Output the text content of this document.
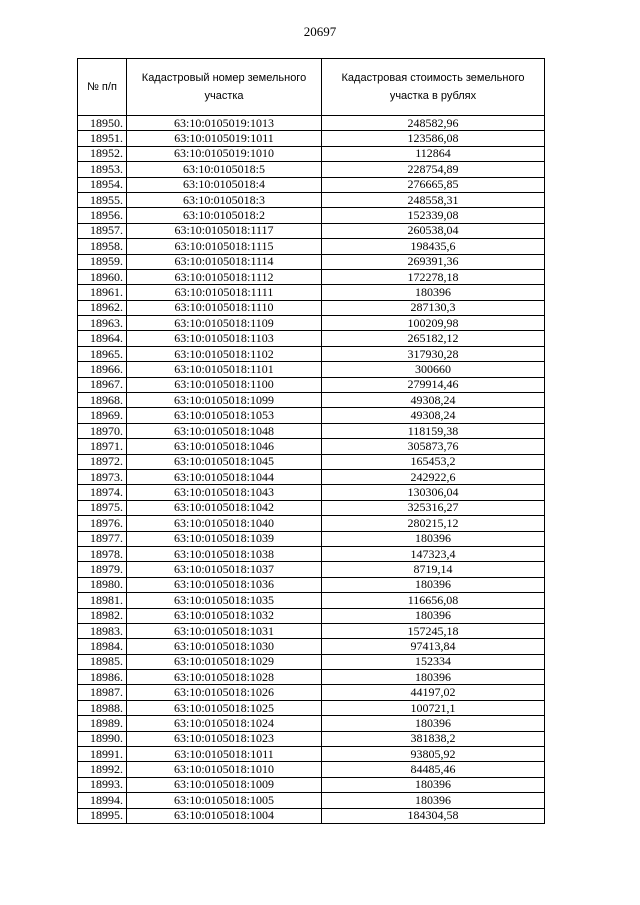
20697
№ п/п	Кадастровый номер земельного участка	Кадастровая стоимость земельного участка в рублях
18950.	63:10:0105019:1013	248582,96
18951.	63:10:0105019:1011	123586,08
18952.	63:10:0105019:1010	112864
18953.	63:10:0105018:5	228754,89
18954.	63:10:0105018:4	276665,85
18955.	63:10:0105018:3	248558,31
18956.	63:10:0105018:2	152339,08
18957.	63:10:0105018:1117	260538,04
18958.	63:10:0105018:1115	198435,6
18959.	63:10:0105018:1114	269391,36
18960.	63:10:0105018:1112	172278,18
18961.	63:10:0105018:1111	180396
18962.	63:10:0105018:1110	287130,3
18963.	63:10:0105018:1109	100209,98
18964.	63:10:0105018:1103	265182,12
18965.	63:10:0105018:1102	317930,28
18966.	63:10:0105018:1101	300660
18967.	63:10:0105018:1100	279914,46
18968.	63:10:0105018:1099	49308,24
18969.	63:10:0105018:1053	49308,24
18970.	63:10:0105018:1048	118159,38
18971.	63:10:0105018:1046	305873,76
18972.	63:10:0105018:1045	165453,2
18973.	63:10:0105018:1044	242922,6
18974.	63:10:0105018:1043	130306,04
18975.	63:10:0105018:1042	325316,27
18976.	63:10:0105018:1040	280215,12
18977.	63:10:0105018:1039	180396
18978.	63:10:0105018:1038	147323,4
18979.	63:10:0105018:1037	8719,14
18980.	63:10:0105018:1036	180396
18981.	63:10:0105018:1035	116656,08
18982.	63:10:0105018:1032	180396
18983.	63:10:0105018:1031	157245,18
18984.	63:10:0105018:1030	97413,84
18985.	63:10:0105018:1029	152334
18986.	63:10:0105018:1028	180396
18987.	63:10:0105018:1026	44197,02
18988.	63:10:0105018:1025	100721,1
18989.	63:10:0105018:1024	180396
18990.	63:10:0105018:1023	381838,2
18991.	63:10:0105018:1011	93805,92
18992.	63:10:0105018:1010	84485,46
18993.	63:10:0105018:1009	180396
18994.	63:10:0105018:1005	180396
18995.	63:10:0105018:1004	184304,58
